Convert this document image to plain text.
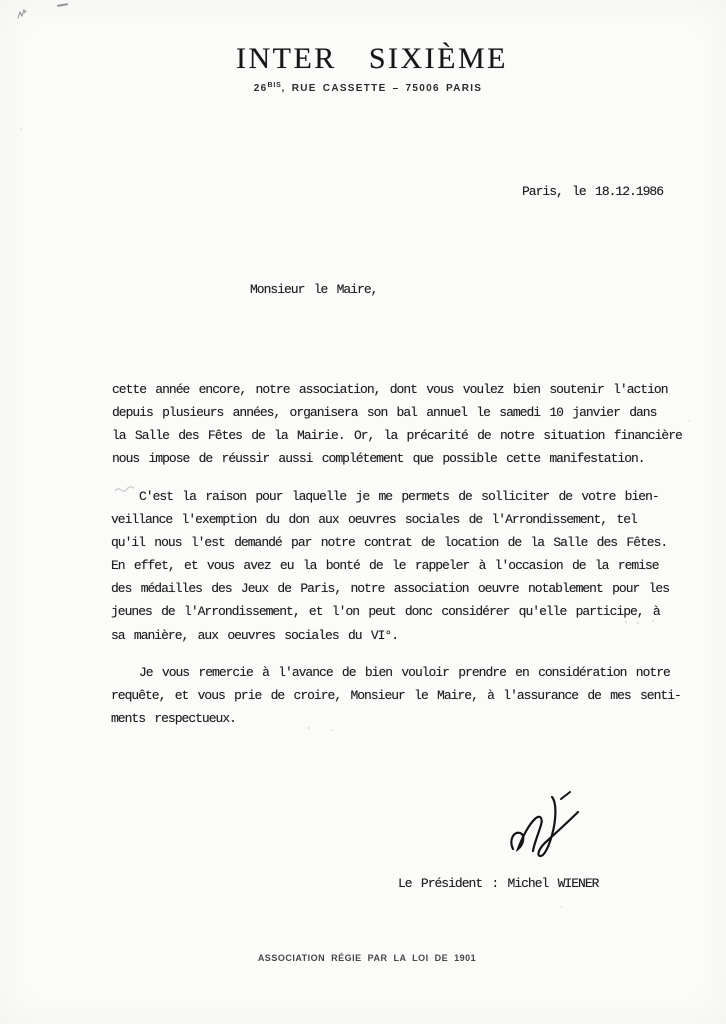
INTER SIXIÈME
$26^{BIS}$, RUE CASSETTE – 75006 PARIS
Paris, le 18.12.1986
Monsieur le Maire,
cette année encore, notre association, dont vous voulez bien soutenir l'action
depuis plusieurs années, organisera son bal annuel le samedi 10 janvier dans
la Salle des Fêtes de la Mairie. Or, la précarité de notre situation financière
nous impose de réussir aussi complétement que possible cette manifestation.
C'est la raison pour laquelle je me permets de solliciter de votre bien-
veillance l'exemption du don aux oeuvres sociales de l'Arrondissement, tel
qu'il nous l'est demandé par notre contrat de location de la Salle des Fêtes.
En effet, et vous avez eu la bonté de le rappeler à l'occasion de la remise
des médailles des Jeux de Paris, notre association oeuvre notablement pour les
jeunes de l'Arrondissement, et l'on peut donc considérer qu'elle participe, à
sa manière, aux oeuvres sociales du VI°.
Je vous remercie à l'avance de bien vouloir prendre en considération notre
requête, et vous prie de croire, Monsieur le Maire, à l'assurance de mes senti-
ments respectueux.
Le Président : Michel WIENER
ASSOCIATION RÉGIE PAR LA LOI DE 1901
